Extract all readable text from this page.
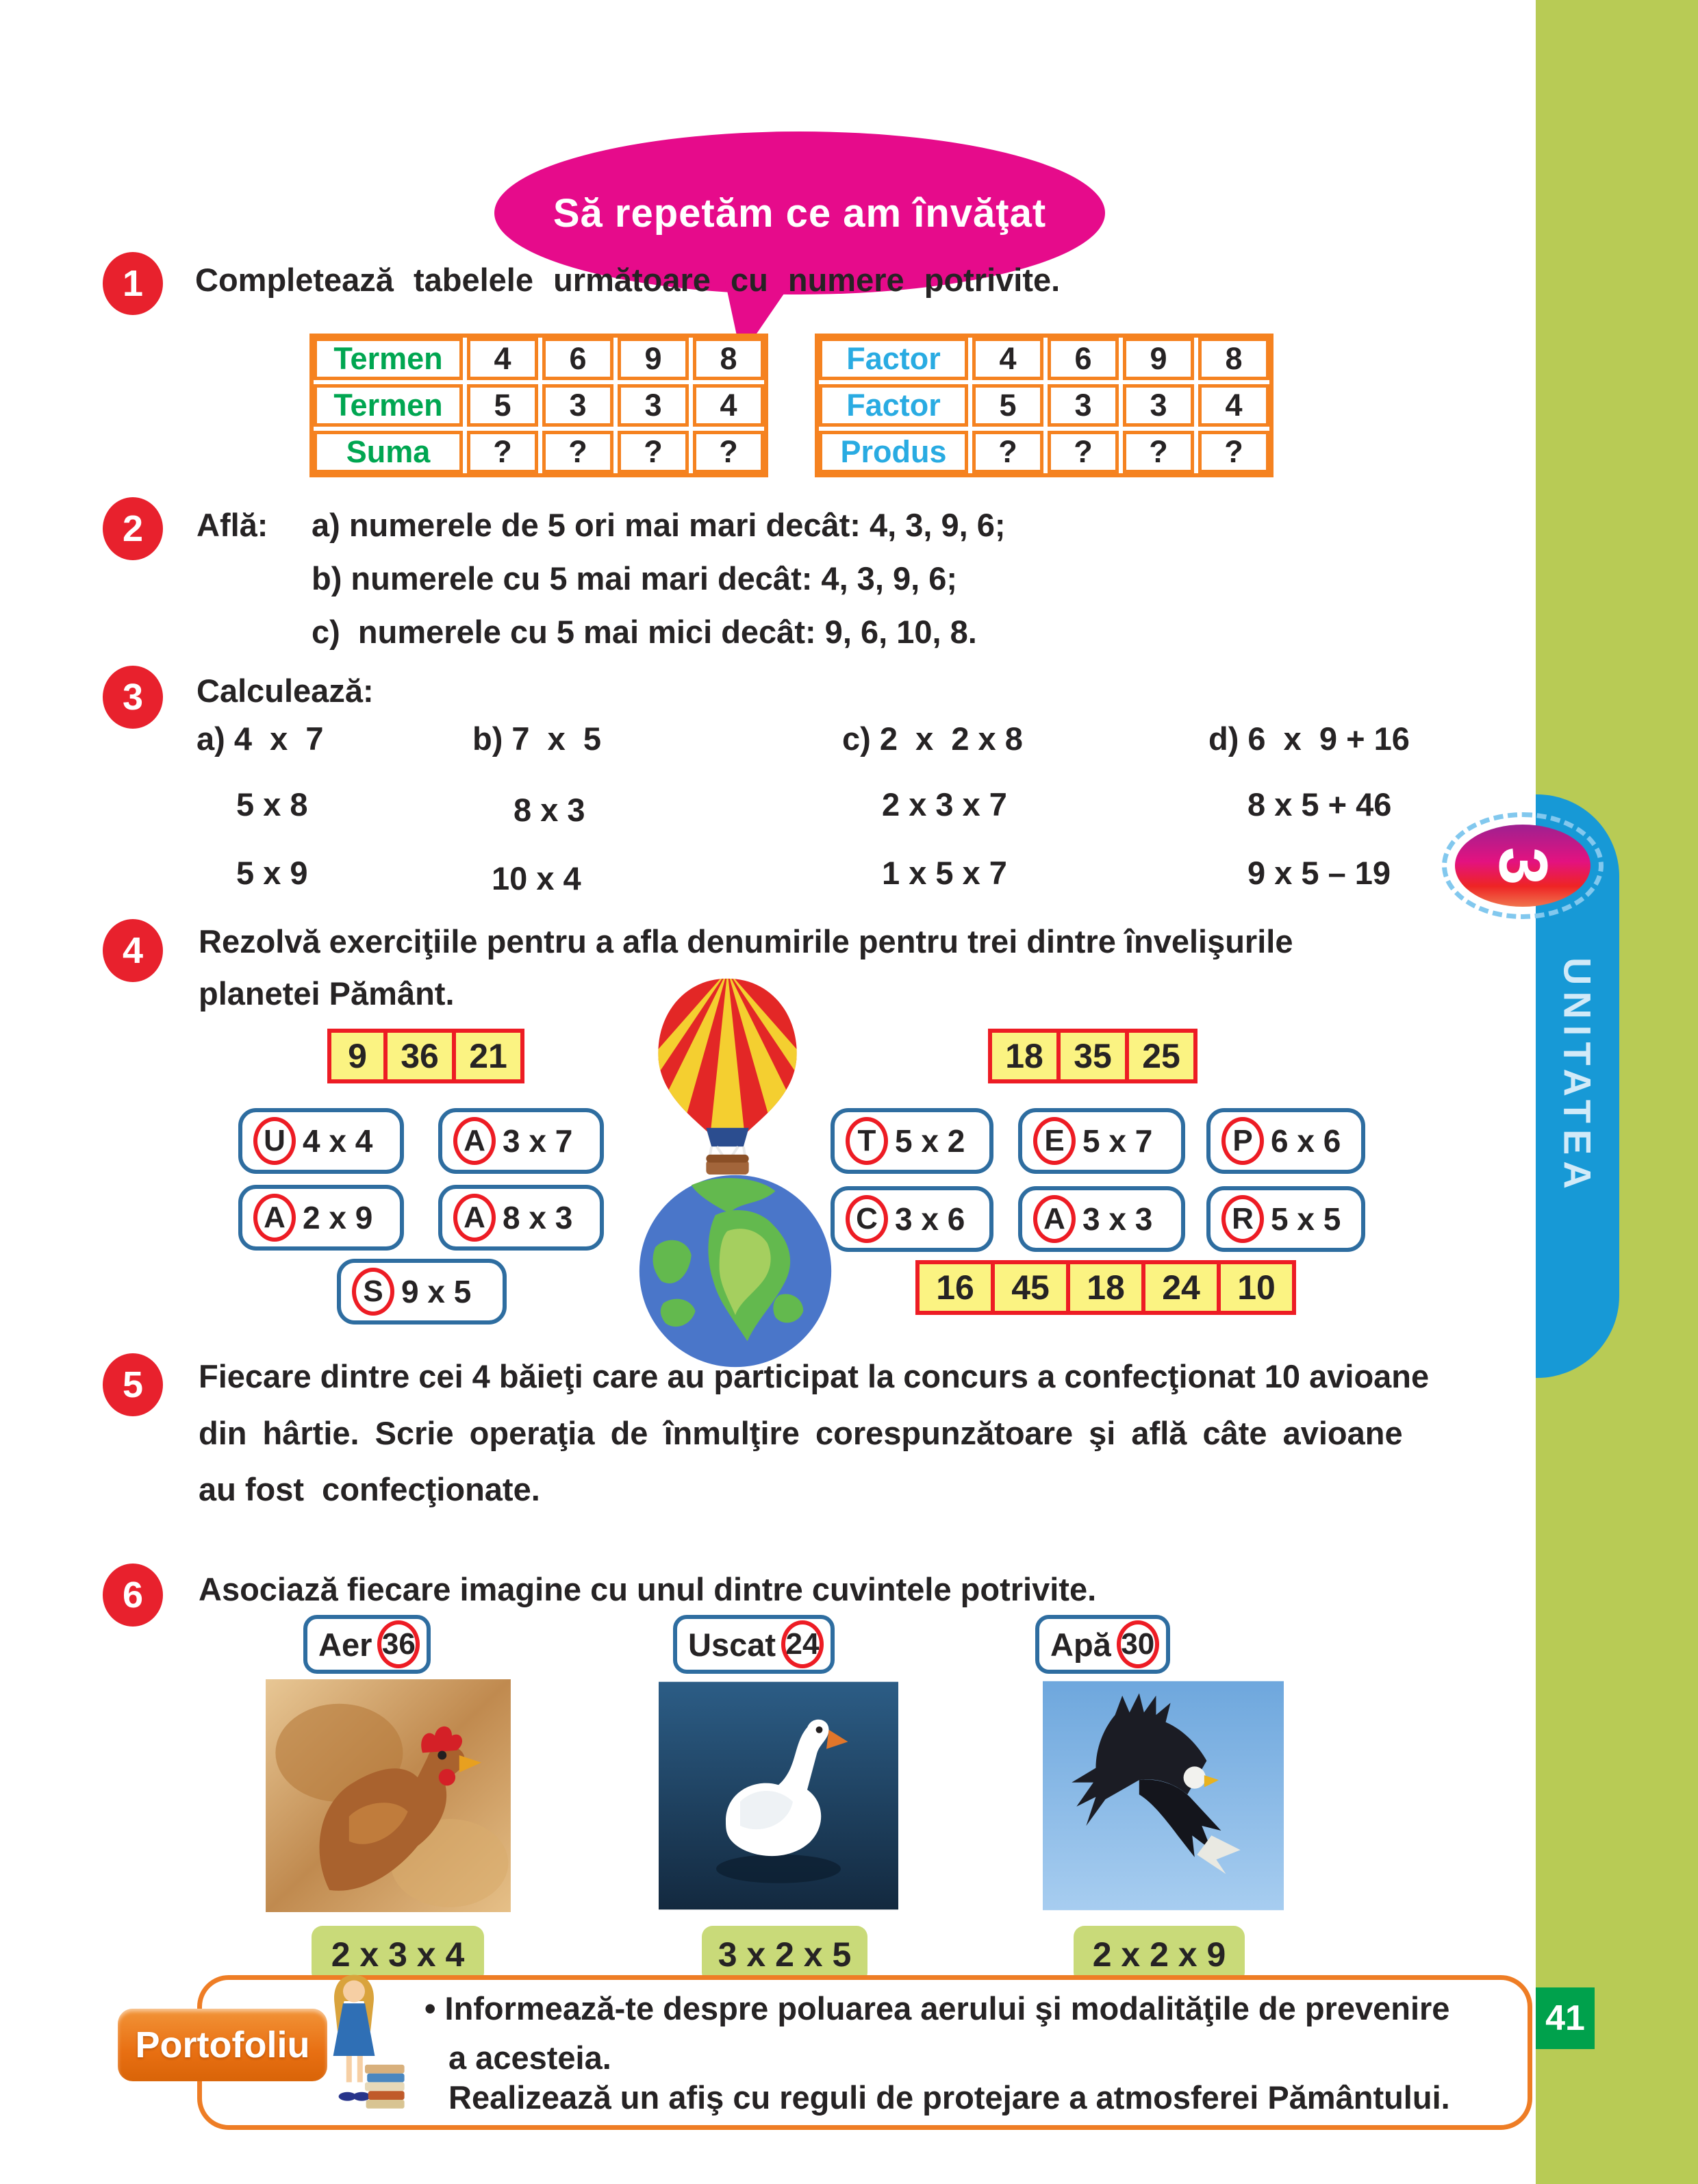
UNITATEA
3
41
Să repetăm ce am învăţat
1	Completează tabelele următoare cu numere potrivite.
Termen	4	6	9	8
Termen	5	3	3	4
Suma	?	?	?	?
Factor	4	6	9	8
Factor	5	3	3	4
Produs	?	?	?	?
2	Află: a) numerele de 5 ori mai mari decât: 4, 3, 9, 6;
b) numerele cu 5 mai mari decât: 4, 3, 9, 6;
c)  numerele cu 5 mai mici decât: 9, 6, 10, 8.
3	Calculează:
a) 4  x  7
5 x 8
5 x 9
b) 7  x  5
8 x 3
10 x 4
c) 2  x  2 x 8
2 x 3 x 7
1 x 5 x 7
d) 6  x  9 + 16
8 x 5 + 46
9 x 5 – 19
4	Rezolvă exerciţiile pentru a afla denumirile pentru trei dintre învelişurile
planetei Pământ.
9 36 21	18 35 25
U 4 x 4	A 3 x 7
A 2 x 9	A 8 x 3
S 9 x 5
T 5 x 2	E 5 x 7	P 6 x 6
C 3 x 6	A 3 x 3	R 5 x 5
16	45	18	24	10
5	Fiecare dintre cei 4 băieţi care au participat la concurs a confecţionat 10 avioane
din hârtie. Scrie operaţia de înmulţire corespunzătoare şi află câte avioane
au fost  confecţionate.
6	Asociază fiecare imagine cu unul dintre cuvintele potrivite.
Aer 36	Uscat 24	Apă 30
2 x 3 x 4	3 x 2 x 5	2 x 2 x 9
Portofoliu
• Informează-te despre poluarea aerului şi modalităţile de prevenire
a acesteia.
Realizează un afiş cu reguli de protejare a atmosferei Pământului.
